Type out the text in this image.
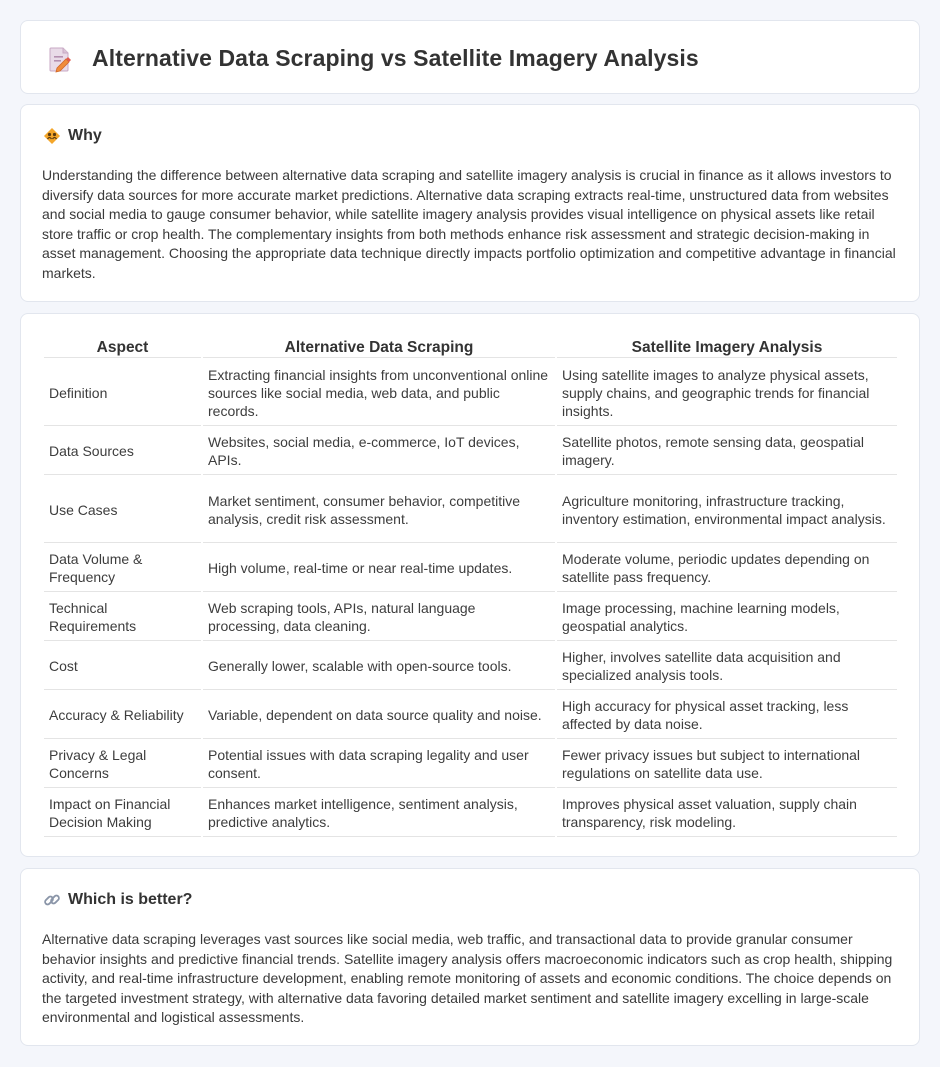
Alternative Data Scraping vs Satellite Imagery Analysis
Why

Understanding the difference between alternative data scraping and satellite imagery analysis is crucial in finance as it allows investors to diversify data sources for more accurate market predictions. Alternative data scraping extracts real-time, unstructured data from websites and social media to gauge consumer behavior, while satellite imagery analysis provides visual intelligence on physical assets like retail store traffic or crop health. The complementary insights from both methods enhance risk assessment and strategic decision-making in asset management. Choosing the appropriate data technique directly impacts portfolio optimization and competitive advantage in financial markets.

Aspect	Alternative Data Scraping	Satellite Imagery Analysis
Definition	Extracting financial insights from unconventional online sources like social media, web data, and public records.	Using satellite images to analyze physical assets, supply chains, and geographic trends for financial insights.
Data Sources	Websites, social media, e-commerce, IoT devices, APIs.	Satellite photos, remote sensing data, geospatial imagery.
Use Cases	Market sentiment, consumer behavior, competitive analysis, credit risk assessment.	Agriculture monitoring, infrastructure tracking, inventory estimation, environmental impact analysis.
Data Volume & Frequency	High volume, real-time or near real-time updates.	Moderate volume, periodic updates depending on satellite pass frequency.
Technical Requirements	Web scraping tools, APIs, natural language processing, data cleaning.	Image processing, machine learning models, geospatial analytics.
Cost	Generally lower, scalable with open-source tools.	Higher, involves satellite data acquisition and specialized analysis tools.
Accuracy & Reliability	Variable, dependent on data source quality and noise.	High accuracy for physical asset tracking, less affected by data noise.
Privacy & Legal Concerns	Potential issues with data scraping legality and user consent.	Fewer privacy issues but subject to international regulations on satellite data use.
Impact on Financial Decision Making	Enhances market intelligence, sentiment analysis, predictive analytics.	Improves physical asset valuation, supply chain transparency, risk modeling.
Which is better?

Alternative data scraping leverages vast sources like social media, web traffic, and transactional data to provide granular consumer behavior insights and predictive financial trends. Satellite imagery analysis offers macroeconomic indicators such as crop health, shipping activity, and real-time infrastructure development, enabling remote monitoring of assets and economic conditions. The choice depends on the targeted investment strategy, with alternative data favoring detailed market sentiment and satellite imagery excelling in large-scale environmental and logistical assessments.
